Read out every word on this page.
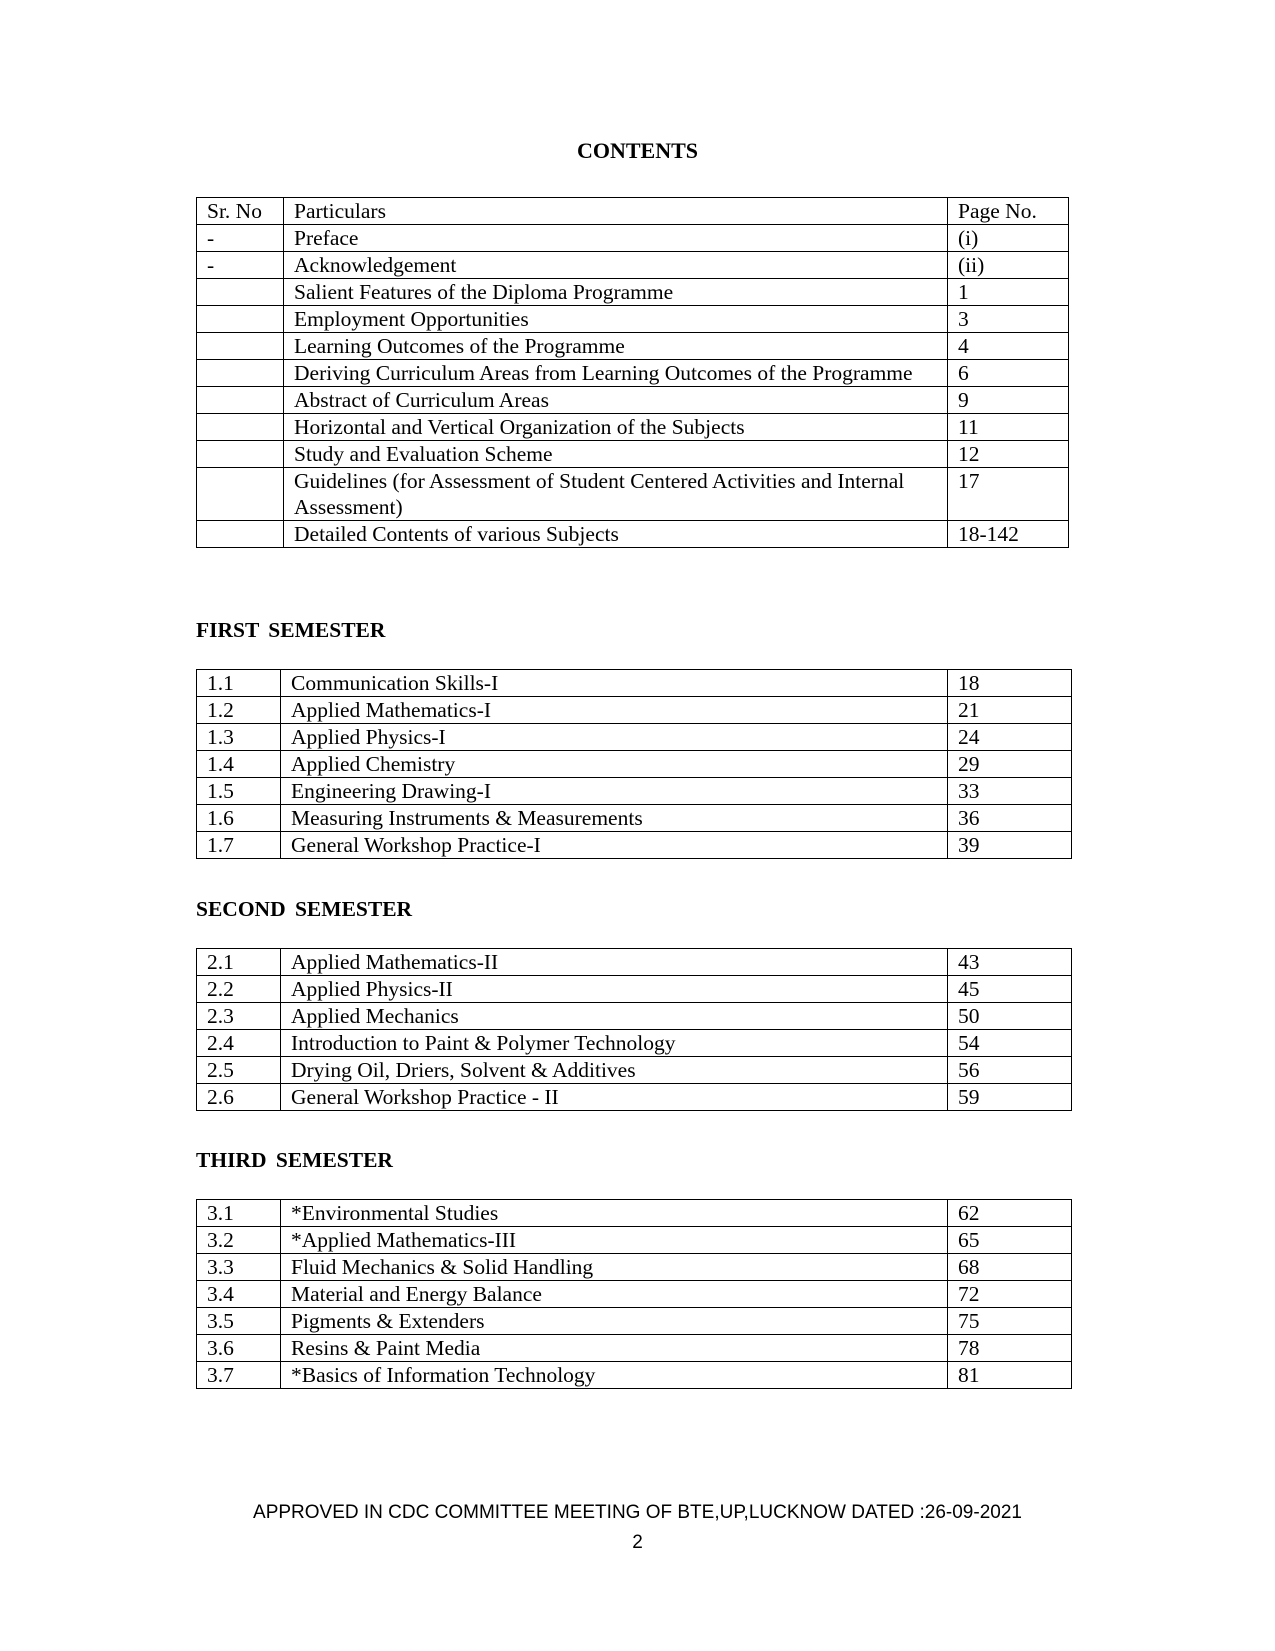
CONTENTS
Sr. No	Particulars	Page No.
-	Preface	(i)
-	Acknowledgement	(ii)
	Salient Features of the Diploma Programme	1
	Employment Opportunities	3
	Learning Outcomes of the Programme	4
	Deriving Curriculum Areas from Learning Outcomes of the Programme	6
	Abstract of Curriculum Areas	9
	Horizontal and Vertical Organization of the Subjects	11
	Study and Evaluation Scheme	12
	Guidelines (for Assessment of Student Centered Activities and Internal Assessment)	17
	Detailed Contents of various Subjects	18-142
FIRST SEMESTER
1.1	Communication Skills-I	18
1.2	Applied Mathematics-I	21
1.3	Applied Physics-I	24
1.4	Applied Chemistry	29
1.5	Engineering Drawing-I	33
1.6	Measuring Instruments & Measurements	36
1.7	General Workshop Practice-I	39
SECOND SEMESTER
2.1	Applied Mathematics-II	43
2.2	Applied Physics-II	45
2.3	Applied Mechanics	50
2.4	Introduction to Paint & Polymer Technology	54
2.5	Drying Oil, Driers, Solvent & Additives	56
2.6	General Workshop Practice - II	59
THIRD SEMESTER
3.1	*Environmental Studies	62
3.2	*Applied Mathematics-III	65
3.3	Fluid Mechanics & Solid Handling	68
3.4	Material and Energy Balance	72
3.5	Pigments & Extenders	75
3.6	Resins & Paint Media	78
3.7	*Basics of Information Technology	81
APPROVED IN CDC COMMITTEE MEETING OF BTE,UP,LUCKNOW DATED :26-09-2021
2
